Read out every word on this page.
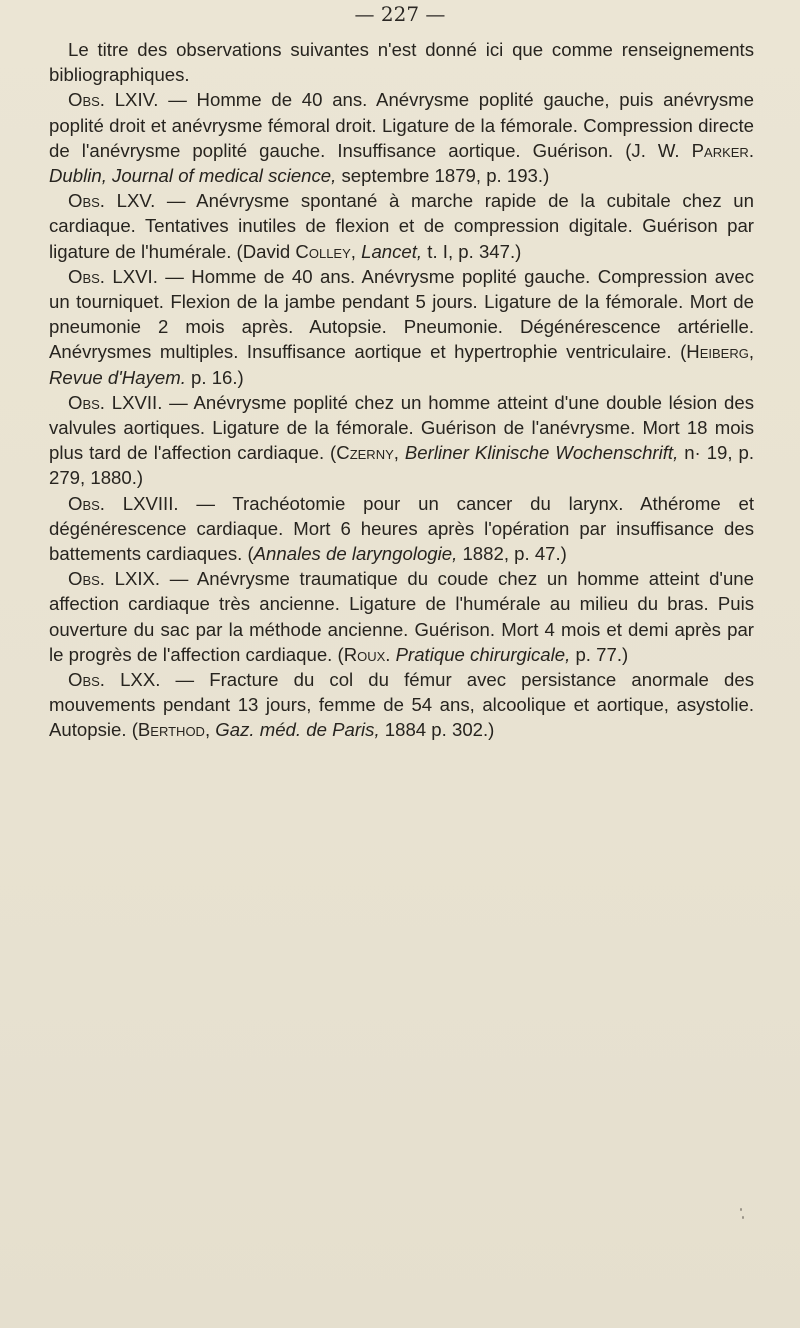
— 227 —

Le titre des observations suivantes n'est donné ici que comme renseignements bibliographiques.

Obs. LXIV. — Homme de 40 ans. Anévrysme poplité gauche, puis anévrysme poplité droit et anévrysme fémoral droit. Ligature de la fémorale. Compression directe de l'anévrysme poplité gauche. Insuffisance aortique. Guérison. (J. W. Parker. Dublin, Journal of medical science, septembre 1879, p. 193.)

Obs. LXV. — Anévrysme spontané à marche rapide de la cubitale chez un cardiaque. Tentatives inutiles de flexion et de compression digitale. Guérison par ligature de l'humérale. (David Colley, Lancet, t. I, p. 347.)

Obs. LXVI. — Homme de 40 ans. Anévrysme poplité gauche. Compression avec un tourniquet. Flexion de la jambe pendant 5 jours. Ligature de la fémorale. Mort de pneumonie 2 mois après. Autopsie. Pneumonie. Dégénérescence artérielle. Anévrysmes multiples. Insuffisance aortique et hypertrophie ventriculaire. (Heiberg, Revue d'Hayem. p. 16.)

Obs. LXVII. — Anévrysme poplité chez un homme atteint d'une double lésion des valvules aortiques. Ligature de la fémorale. Guérison de l'anévrysme. Mort 18 mois plus tard de l'affection cardiaque. (Czerny, Berliner Klinische Wochenschrift, n· 19, p. 279, 1880.)

Obs. LXVIII. — Trachéotomie pour un cancer du larynx. Athérome et dégénérescence cardiaque. Mort 6 heures après l'opération par insuffisance des battements cardiaques. (Annales de laryngologie, 1882, p. 47.)

Obs. LXIX. — Anévrysme traumatique du coude chez un homme atteint d'une affection cardiaque très ancienne. Ligature de l'humérale au milieu du bras. Puis ouverture du sac par la méthode ancienne. Guérison. Mort 4 mois et demi après par le progrès de l'affection cardiaque. (Roux. Pratique chirurgicale, p. 77.)

Obs. LXX. — Fracture du col du fémur avec persistance anormale des mouvements pendant 13 jours, femme de 54 ans, alcoolique et aortique, asystolie. Autopsie. (Berthod, Gaz. méd. de Paris, 1884 p. 302.)
